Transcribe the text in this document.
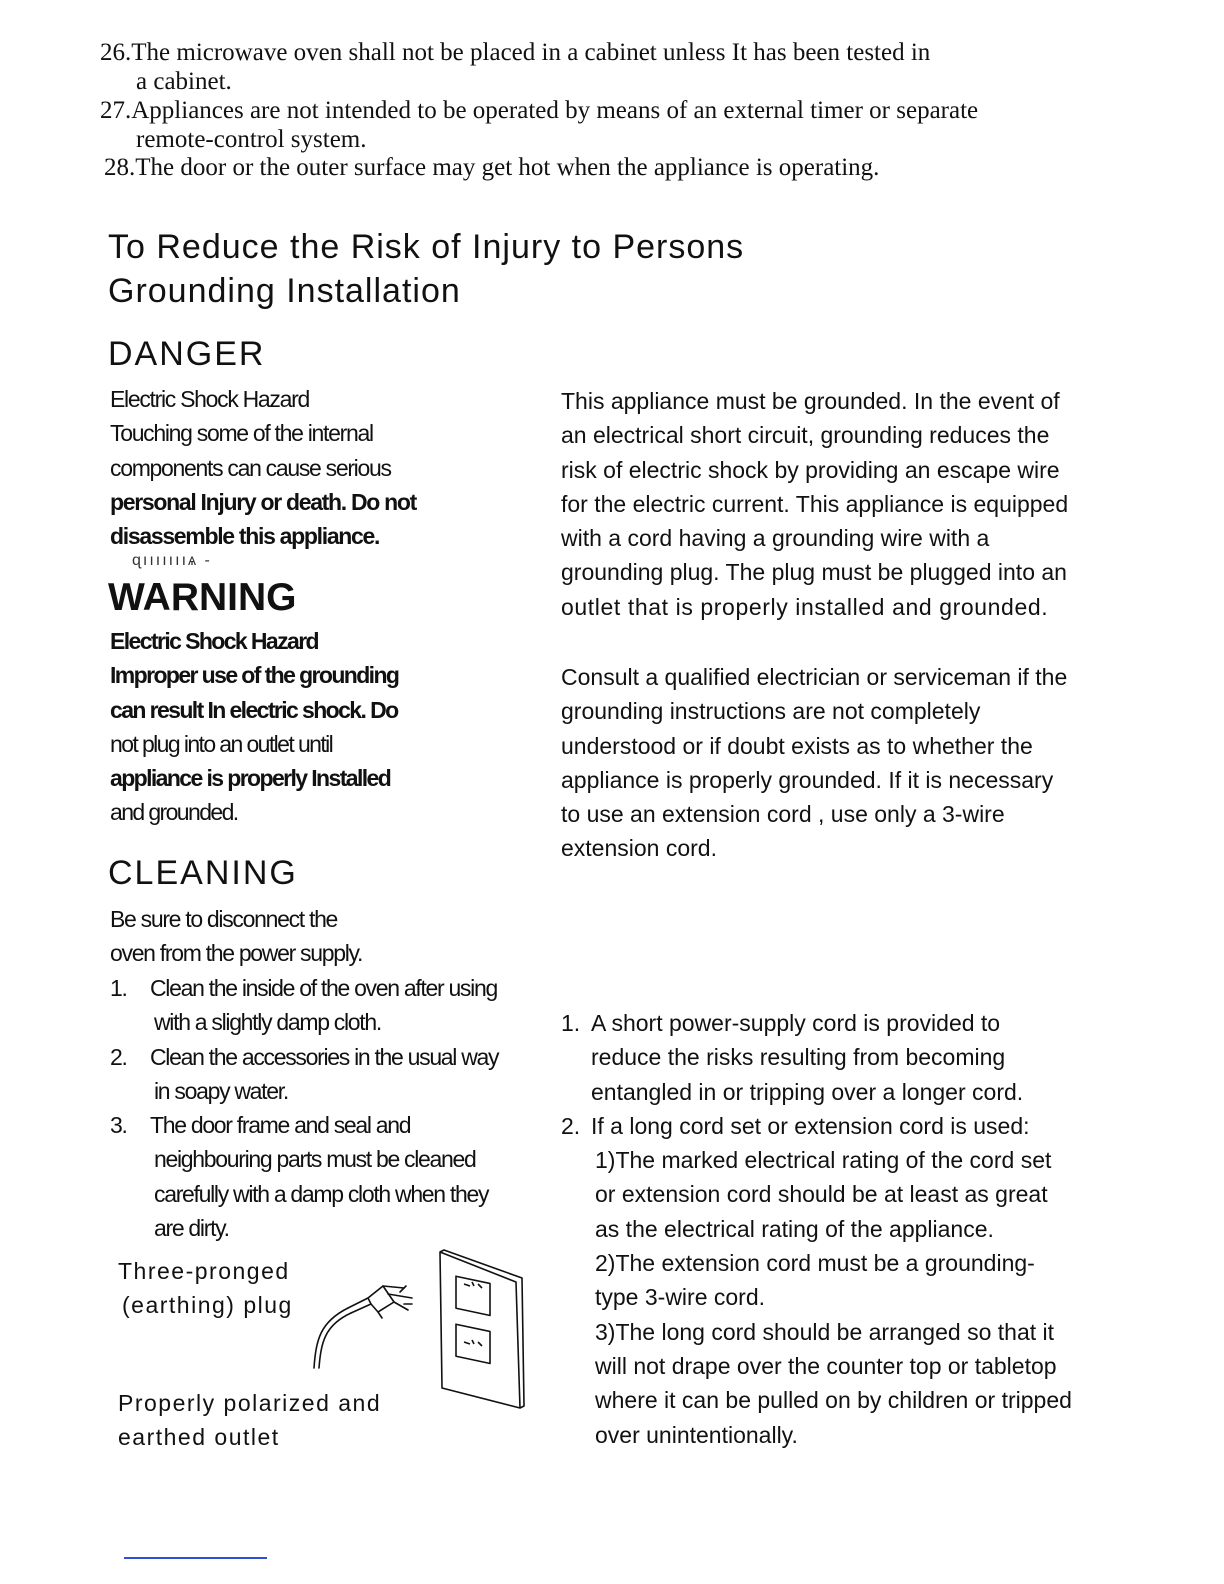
26.The microwave oven shall not be placed in a cabinet unless It has been tested in
a cabinet.
27.Appliances are not intended to be operated by means of an external timer or separate
remote-control system.
28.The door or the outer surface may get hot when the appliance is operating.
To Reduce the Risk of Injury to Persons
Grounding Installation
DANGER
Electric Shock Hazard
Touching some of the internal
components can cause serious
personal Injury or death. Do not
disassemble this appliance.
ɋıııııııѧ -
WARNING
Electric Shock Hazard
Improper use of the grounding
can result In electric shock. Do
not plug into an outlet until
appliance is properly Installed
and grounded.
CLEANING
Be sure to disconnect the
oven from the power supply.
1. Clean the inside of the oven after using
with a slightly damp cloth.
2. Clean the accessories in the usual way
in soapy water.
3. The door frame and seal and
neighbouring parts must be cleaned
carefully with a damp cloth when they
are dirty.
This appliance must be grounded. In the event of
an electrical short circuit, grounding reduces the
risk of electric shock by providing an escape wire
for the electric current. This appliance is equipped
with a cord having a grounding wire with a
grounding plug. The plug must be plugged into an
outlet that is properly installed and grounded.
Consult a qualified electrician or serviceman if the
grounding instructions are not completely
understood or if doubt exists as to whether the
appliance is properly grounded. If it is necessary
to use an extension cord , use only a 3-wire
extension cord.
1. A short power-supply cord is provided to
reduce the risks resulting from becoming
entangled in or tripping over a longer cord.
2. If a long cord set or extension cord is used:
1)The marked electrical rating of the cord set
or extension cord should be at least as great
as the electrical rating of the appliance.
2)The extension cord must be a grounding-
type 3-wire cord.
3)The long cord should be arranged so that it
will not drape over the counter top or tabletop
where it can be pulled on by children or tripped
over unintentionally.
Three-pronged
(earthing) plug
Properly polarized and
earthed outlet
